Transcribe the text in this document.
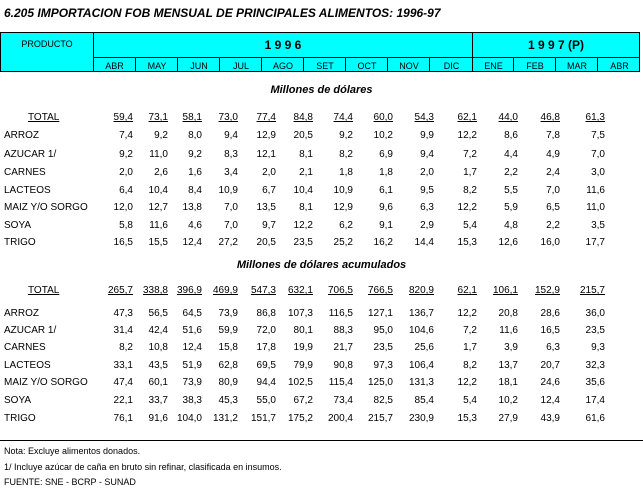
6.205 IMPORTACION FOB MENSUAL DE PRINCIPALES ALIMENTOS: 1996-97
PRODUCTO	1 9 9 6	1 9 9 7 (P)
ABR	MAY	JUN	JUL	AGO	SET	OCT	NOV	DIC	ENE	FEB	MAR	ABR
Millones de dólares
TOTAL	59,4 73,1 58,1 73,0 77,4 84,8 74,4 60,0 54,3 62,1 44,0 46,8	61,3
ARROZ	7,4 9,2 8,0 9,4 12,9 20,5	9,2 10,2	9,9 12,2	8,6	7,8	7,5
AZUCAR 1/	9,2 11,0 9,2 8,3 12,1 8,1	8,2	6,9	9,4	7,2	4,4	4,9	7,0
CARNES	2,0 2,6 1,6 3,4 2,0 2,1	1,8	1,8	2,0	1,7	2,2	2,4	3,0
LACTEOS	6,4 10,4 8,4 10,9 6,7 10,4 10,9	6,1	9,5	8,2	5,5	7,0	11,6
MAIZ Y/O SORGO	12,0 12,7 13,8 7,0 13,5 8,1 12,9	9,6	6,3 12,2	5,9	6,5	11,0
SOYA	5,8 11,6 4,6 7,0 9,7 12,2	6,2	9,1	2,9	5,4	4,8	2,2	3,5
TRIGO	16,5 15,5 12,4 27,2 20,5 23,5 25,2 16,2 14,4 15,3 12,6 16,0	17,7
Millones de dólares acumulados
TOTAL	265,7 338,8 396,9 469,9 547,3 632,1 706,5 766,5 820,9 62,1 106,1 152,9 215,7
ARROZ	47,3 56,5 64,5 73,9 86,8 107,3 116,5 127,1 136,7 12,2 20,8 28,6	36,0
AZUCAR 1/	31,4 42,4 51,6 59,9 72,0 80,1 88,3 95,0 104,6	7,2 11,6 16,5	23,5
CARNES	8,2 10,8 12,4 15,8 17,8 19,9 21,7 23,5 25,6	1,7	3,9	6,3	9,3
LACTEOS	33,1 43,5 51,9 62,8 69,5 79,9 90,8 97,3 106,4	8,2 13,7 20,7	32,3
MAIZ Y/O SORGO	47,4 60,1 73,9 80,9 94,4 102,5 115,4 125,0 131,3 12,2 18,1 24,6	35,6
SOYA	22,1 33,7 38,3 45,3 55,0 67,2 73,4 82,5 85,4	5,4 10,2 12,4	17,4
TRIGO	76,1 91,6 104,0 131,2 151,7 175,2 200,4 215,7 230,9 15,3 27,9 43,9	61,6
Nota: Excluye alimentos donados.
1/ Incluye azúcar de caña en bruto sin refinar, clasificada en insumos.
FUENTE: SNE - BCRP - SUNAD
